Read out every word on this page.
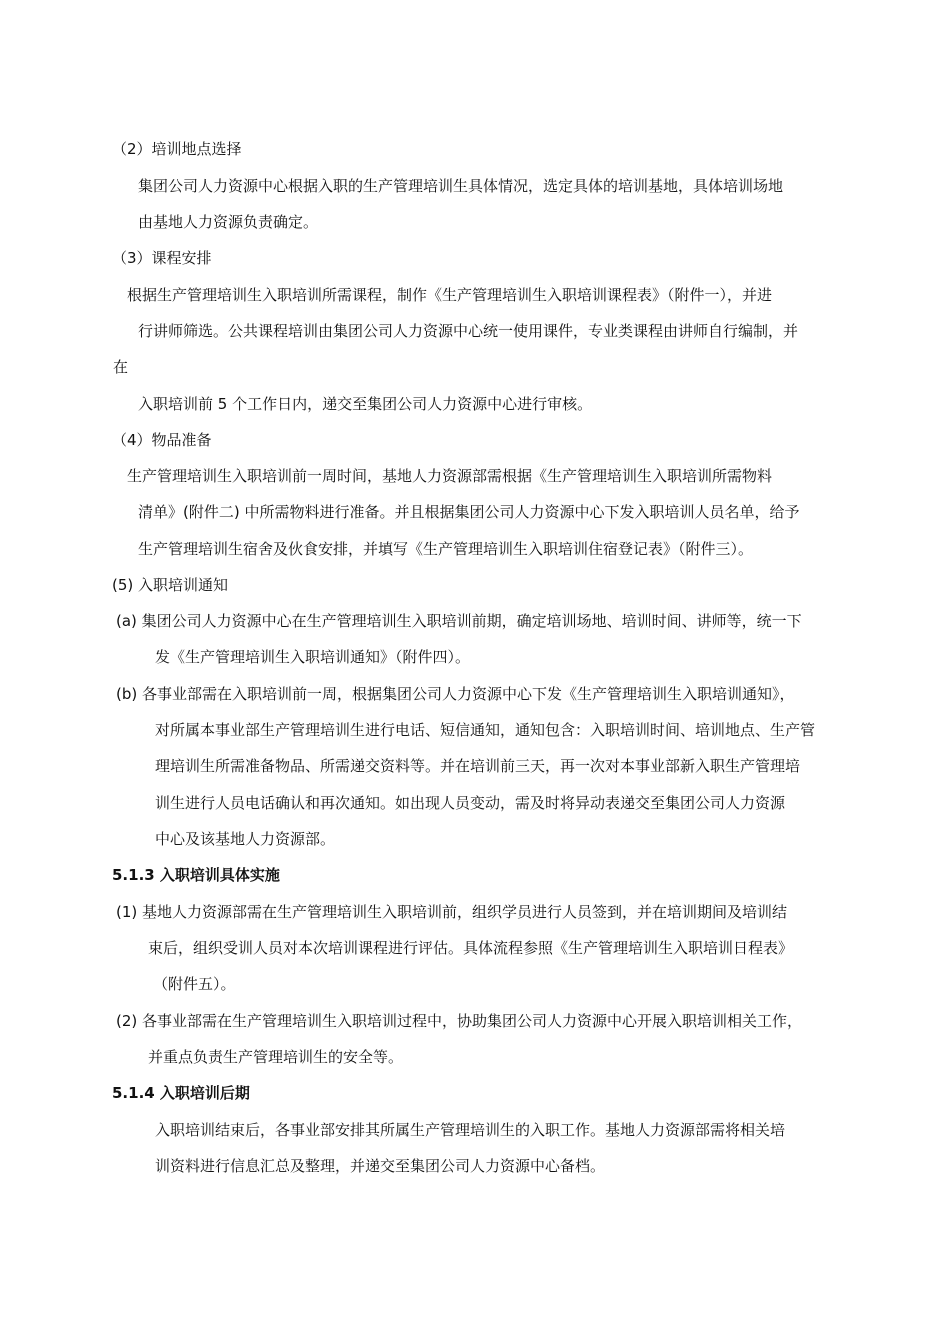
（2）培训地点选择
集团公司人力资源中心根据入职的生产管理培训生具体情况，选定具体的培训基地，具体培训场地
由基地人力资源负责确定。
（3）课程安排
根据生产管理培训生入职培训所需课程，制作《生产管理培训生入职培训课程表》（附件一），并进
行讲师筛选。公共课程培训由集团公司人力资源中心统一使用课件，专业类课程由讲师自行编制，并
在
入职培训前 5 个工作日内，递交至集团公司人力资源中心进行审核。
（4）物品准备
生产管理培训生入职培训前一周时间，基地人力资源部需根据《生产管理培训生入职培训所需物料
清单》(附件二) 中所需物料进行准备。并且根据集团公司人力资源中心下发入职培训人员名单，给予
生产管理培训生宿舍及伙食安排，并填写《生产管理培训生入职培训住宿登记表》（附件三）。
(5) 入职培训通知
(a) 集团公司人力资源中心在生产管理培训生入职培训前期，确定培训场地、培训时间、讲师等，统一下
发《生产管理培训生入职培训通知》（附件四）。
(b) 各事业部需在入职培训前一周，根据集团公司人力资源中心下发《生产管理培训生入职培训通知》，
对所属本事业部生产管理培训生进行电话、短信通知，通知包含：入职培训时间、培训地点、生产管
理培训生所需准备物品、所需递交资料等。并在培训前三天，再一次对本事业部新入职生产管理培
训生进行人员电话确认和再次通知。如出现人员变动，需及时将异动表递交至集团公司人力资源
中心及该基地人力资源部。
5.1.3 入职培训具体实施
(1) 基地人力资源部需在生产管理培训生入职培训前，组织学员进行人员签到，并在培训期间及培训结
束后，组织受训人员对本次培训课程进行评估。具体流程参照《生产管理培训生入职培训日程表》
（附件五）。
(2) 各事业部需在生产管理培训生入职培训过程中，协助集团公司人力资源中心开展入职培训相关工作，
并重点负责生产管理培训生的安全等。
5.1.4 入职培训后期
入职培训结束后，各事业部安排其所属生产管理培训生的入职工作。基地人力资源部需将相关培
训资料进行信息汇总及整理，并递交至集团公司人力资源中心备档。
